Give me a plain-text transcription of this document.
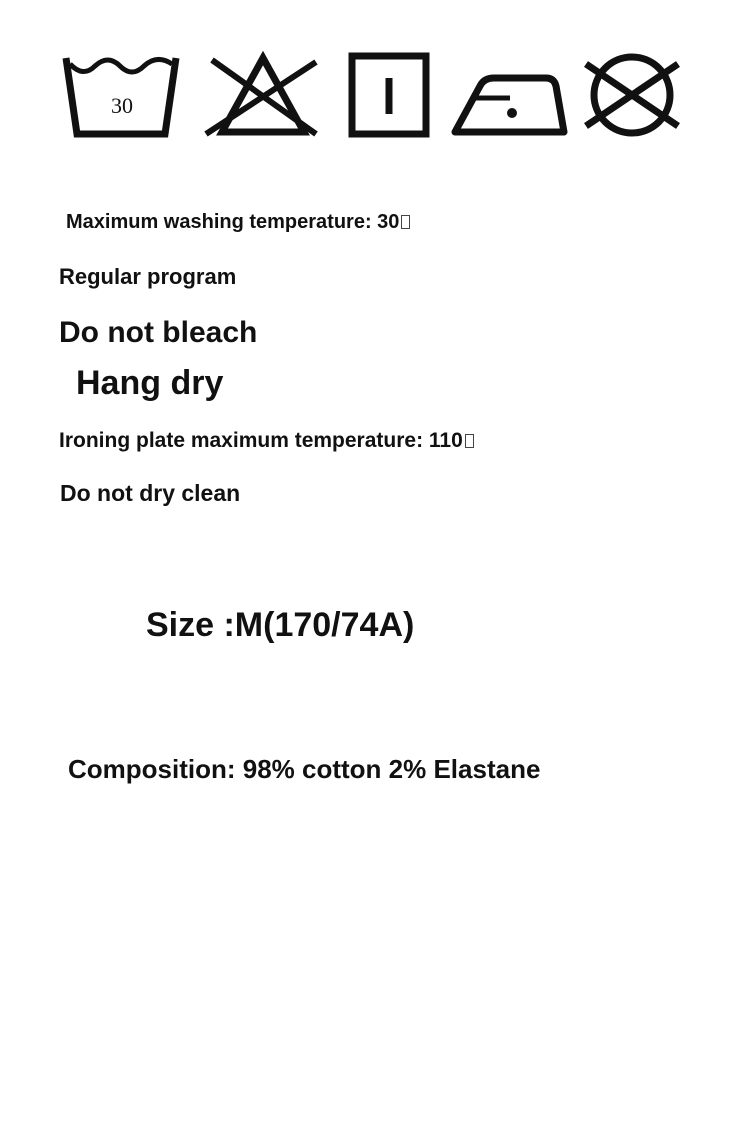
30

Maximum washing temperature: 30

Regular program

Do not bleach

Hang dry

Ironing plate maximum temperature: 110

Do not dry clean

Size :M(170/74A)

Composition: 98% cotton 2% Elastane
